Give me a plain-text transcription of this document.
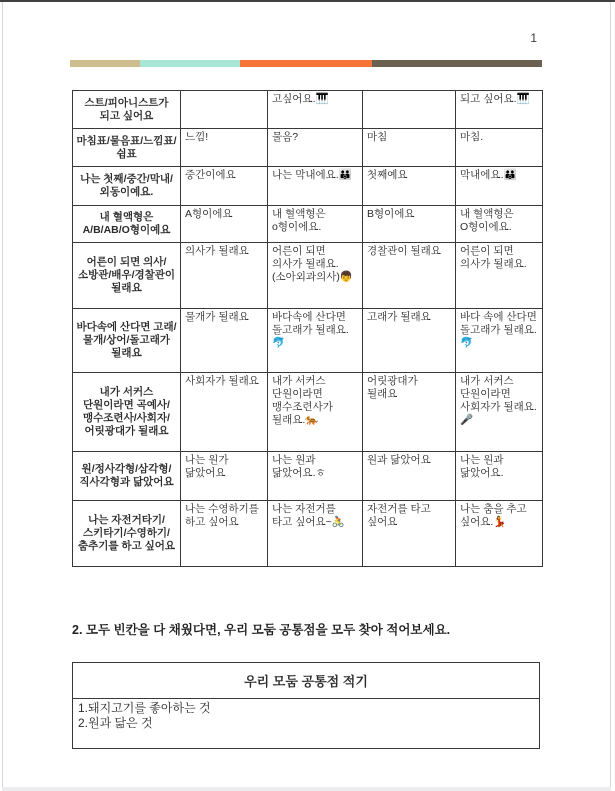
1
스트/피아니스트가 되고 싶어요		고싶어요.🎹		되고 싶어요.🎹
마침표/물음표/느낌표/쉼표	느낌!	물음?	마침	마침.
나는 첫째/중간/막내/외동이예요.	중간이에요	나는 막내에요.👪	첫째예요	막내에요.👪
내 혈액형은 A/B/AB/O형이예요	A형이에요	내 혈액형은 o형이에요.	B형이에요	내 혈액형은 O형이에요.
어른이 되면 의사/소방관/배우/경찰관이 될래요	의사가 될래요	어른이 되면 의사가 될래요.(소아외과의사)👦	경찰관이 될래요	어른이 되면 의사가 될래요.
바다속에 산다면 고래/물개/상어/돌고래가 될래요	물개가 될래요	바다속에 산다면 돌고래가 될래요.🐬	고래가 될래요	바다 속에 산다면 돌고래가 될래요.🐬
내가 서커스 단원이라면 곡예사/맹수조련사/사회자/어릿광대가 될래요	사회자가 될래요	내가 서커스 단원이라면 맹수조련사가 될래요.🐅	어릿광대가 될래요	내가 서커스 단원이라면 사회자가 될래요.🎤
원/정사각형/삼각형/직사각형과 닮았어요	나는 원가 닮았어요	나는 원과 닮았어요.ㅎ	원과 닮았어요	나는 원과 닮았어요.
나는 자전거타기/스키타기/수영하기/춤추기를 하고 싶어요	나는 수영하기를 하고 싶어요	나는 자전거를 타고 싶어요~🚴	자전거를 타고 싶어요	나는 춤을 추고 싶어요.💃
2. 모두 빈칸을 다 채웠다면, 우리 모둠 공통점을 모두 찾아 적어보세요.
우리 모둠 공통점 적기

1.돼지고기를 좋아하는 것
2.원과 닮은 것
